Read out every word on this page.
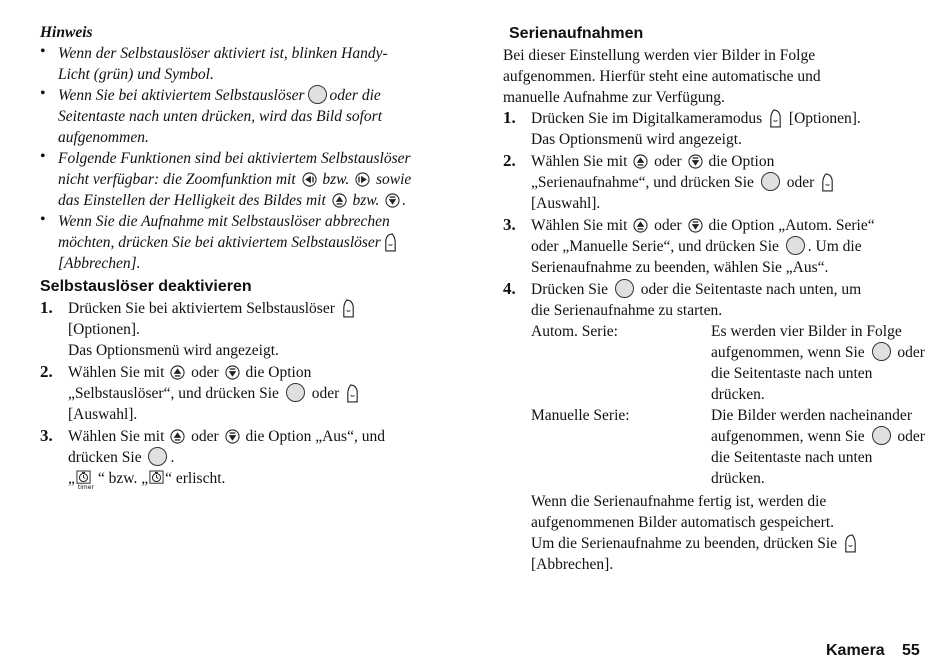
Hinweis
• Wenn der Selbstauslöser aktiviert ist, blinken Handy-
Licht (grün) und Symbol.
• Wenn Sie bei aktiviertem Selbstauslöser oder die
Seitentaste nach unten drücken, wird das Bild sofort
aufgenommen.
• Folgende Funktionen sind bei aktiviertem Selbstauslöser
nicht verfügbar: die Zoomfunktion mit bzw. sowie
das Einstellen der Helligkeit des Bildes mit bzw. .
• Wenn Sie die Aufnahme mit Selbstauslöser abbrechen
möchten, drücken Sie bei aktiviertem Selbstauslöser
[Abbrechen].
Selbstauslöser deaktivieren
1. Drücken Sie bei aktiviertem Selbstauslöser
[Optionen].
Das Optionsmenü wird angezeigt.
2. Wählen Sie mit oder die Option
„Selbstauslöser“, und drücken Sie oder
[Auswahl].
3. Wählen Sie mit oder die Option „Aus“, und
drücken Sie .
„timer“ bzw. „ “ erlischt.
Serienaufnahmen
Bei dieser Einstellung werden vier Bilder in Folge
aufgenommen. Hierfür steht eine automatische und
manuelle Aufnahme zur Verfügung.
1. Drücken Sie im Digitalkameramodus [Optionen].
Das Optionsmenü wird angezeigt.
2. Wählen Sie mit oder die Option
„Serienaufnahme“, und drücken Sie oder
[Auswahl].
3. Wählen Sie mit oder die Option „Autom. Serie“
oder „Manuelle Serie“, und drücken Sie . Um die
Serienaufnahme zu beenden, wählen Sie „Aus“.
4. Drücken Sie oder die Seitentaste nach unten, um
die Serienaufnahme zu starten.
Autom. Serie:	Es werden vier Bilder in Folge
aufgenommen, wenn Sie oder
die Seitentaste nach unten
drücken.
Manuelle Serie:	Die Bilder werden nacheinander
aufgenommen, wenn Sie oder
die Seitentaste nach unten
drücken.
Wenn die Serienaufnahme fertig ist, werden die
aufgenommenen Bilder automatisch gespeichert.
Um die Serienaufnahme zu beenden, drücken Sie
[Abbrechen].
Kamera 55
